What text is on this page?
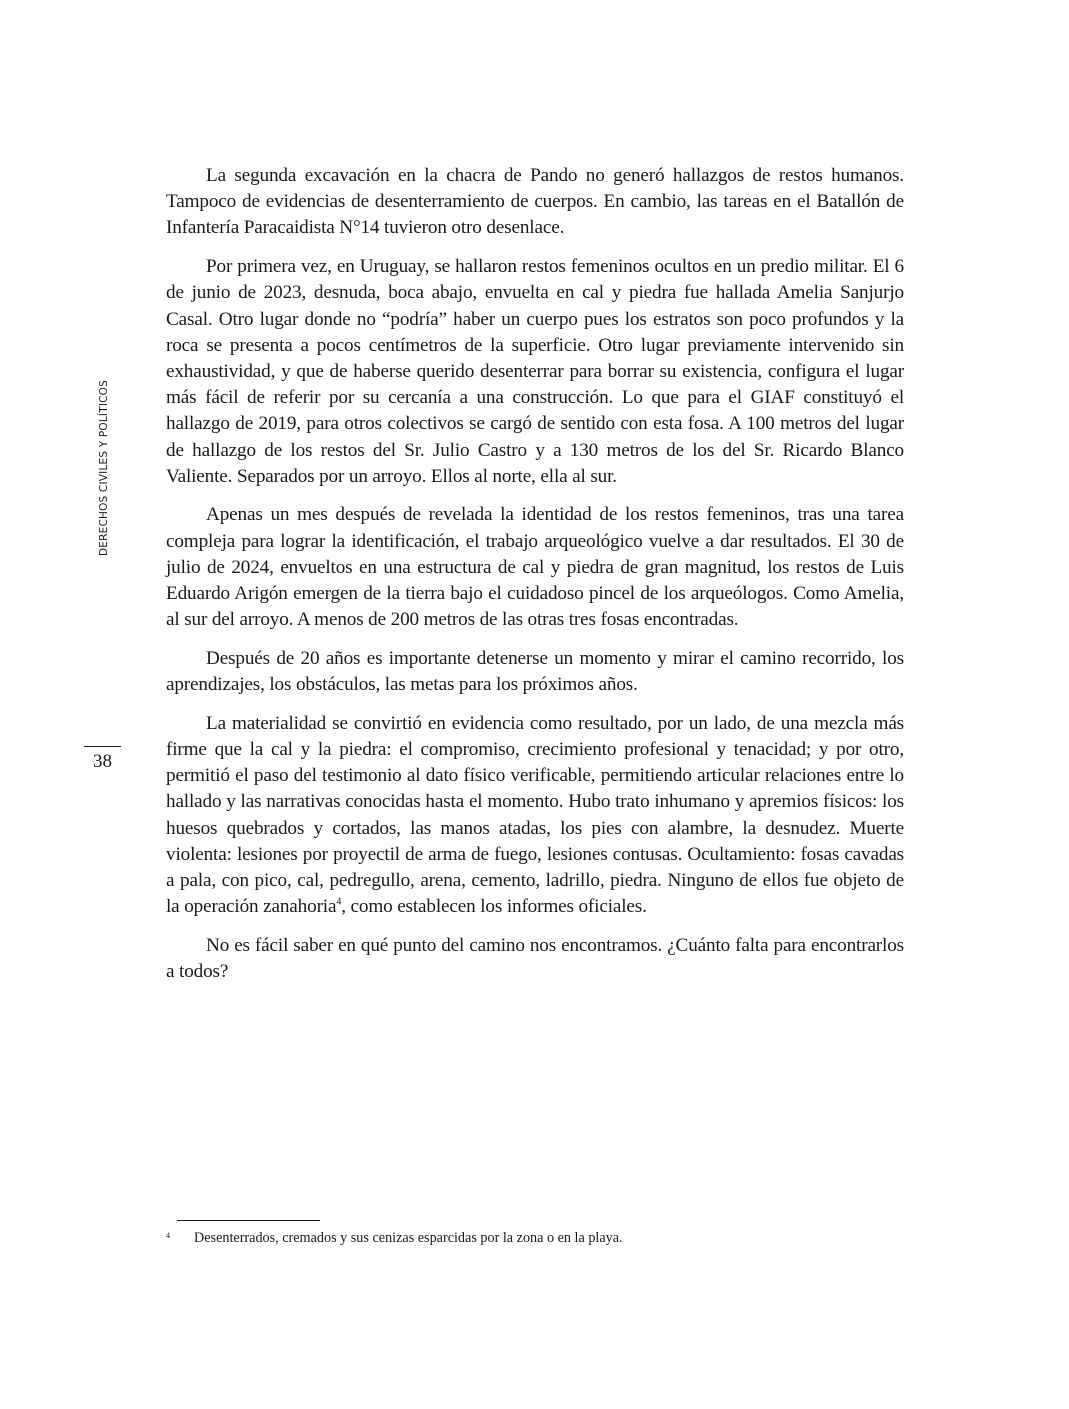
DERECHOS CIVILES Y POLÍTICOS
38

La segunda excavación en la chacra de Pando no generó hallazgos de restos humanos. Tampoco de evidencias de desenterramiento de cuerpos. En cambio, las tareas en el Batallón de Infantería Paracaidista N°14 tuvieron otro desenlace.

Por primera vez, en Uruguay, se hallaron restos femeninos ocultos en un predio militar. El 6 de junio de 2023, desnuda, boca abajo, envuelta en cal y piedra fue hallada Amelia Sanjurjo Casal. Otro lugar donde no “podría” haber un cuerpo pues los estratos son poco profundos y la roca se presenta a pocos centímetros de la superficie. Otro lugar previamente intervenido sin exhaustividad, y que de haberse querido desenterrar para borrar su existencia, configura el lugar más fácil de referir por su cercanía a una construcción. Lo que para el GIAF constituyó el hallazgo de 2019, para otros colectivos se cargó de sentido con esta fosa. A 100 metros del lugar de hallazgo de los restos del Sr. Julio Castro y a 130 metros de los del Sr. Ricardo Blanco Valiente. Separados por un arroyo. Ellos al norte, ella al sur.

Apenas un mes después de revelada la identidad de los restos femeninos, tras una tarea compleja para lograr la identificación, el trabajo arqueológico vuelve a dar resultados. El 30 de julio de 2024, envueltos en una estructura de cal y piedra de gran magnitud, los restos de Luis Eduardo Arigón emergen de la tierra bajo el cuidadoso pincel de los arqueólogos. Como Amelia, al sur del arroyo. A menos de 200 metros de las otras tres fosas encontradas.

Después de 20 años es importante detenerse un momento y mirar el camino recorrido, los aprendizajes, los obstáculos, las metas para los próximos años.

La materialidad se convirtió en evidencia como resultado, por un lado, de una mezcla más firme que la cal y la piedra: el compromiso, crecimiento profesional y tenacidad; y por otro, permitió el paso del testimonio al dato físico verificable, permitiendo articular relaciones entre lo hallado y las narrativas conocidas hasta el momento. Hubo trato inhumano y apremios físicos: los huesos quebrados y cortados, las manos atadas, los pies con alambre, la desnudez. Muerte violenta: lesiones por proyectil de arma de fuego, lesiones contusas. Ocultamiento: fosas cavadas a pala, con pico, cal, pedregullo, arena, cemento, ladrillo, piedra. Ninguno de ellos fue objeto de la operación zanahoria$^4$, como establecen los informes oficiales.

No es fácil saber en qué punto del camino nos encontramos. ¿Cuánto falta para encontrarlos a todos?

4 Desenterrados, cremados y sus cenizas esparcidas por la zona o en la playa.
